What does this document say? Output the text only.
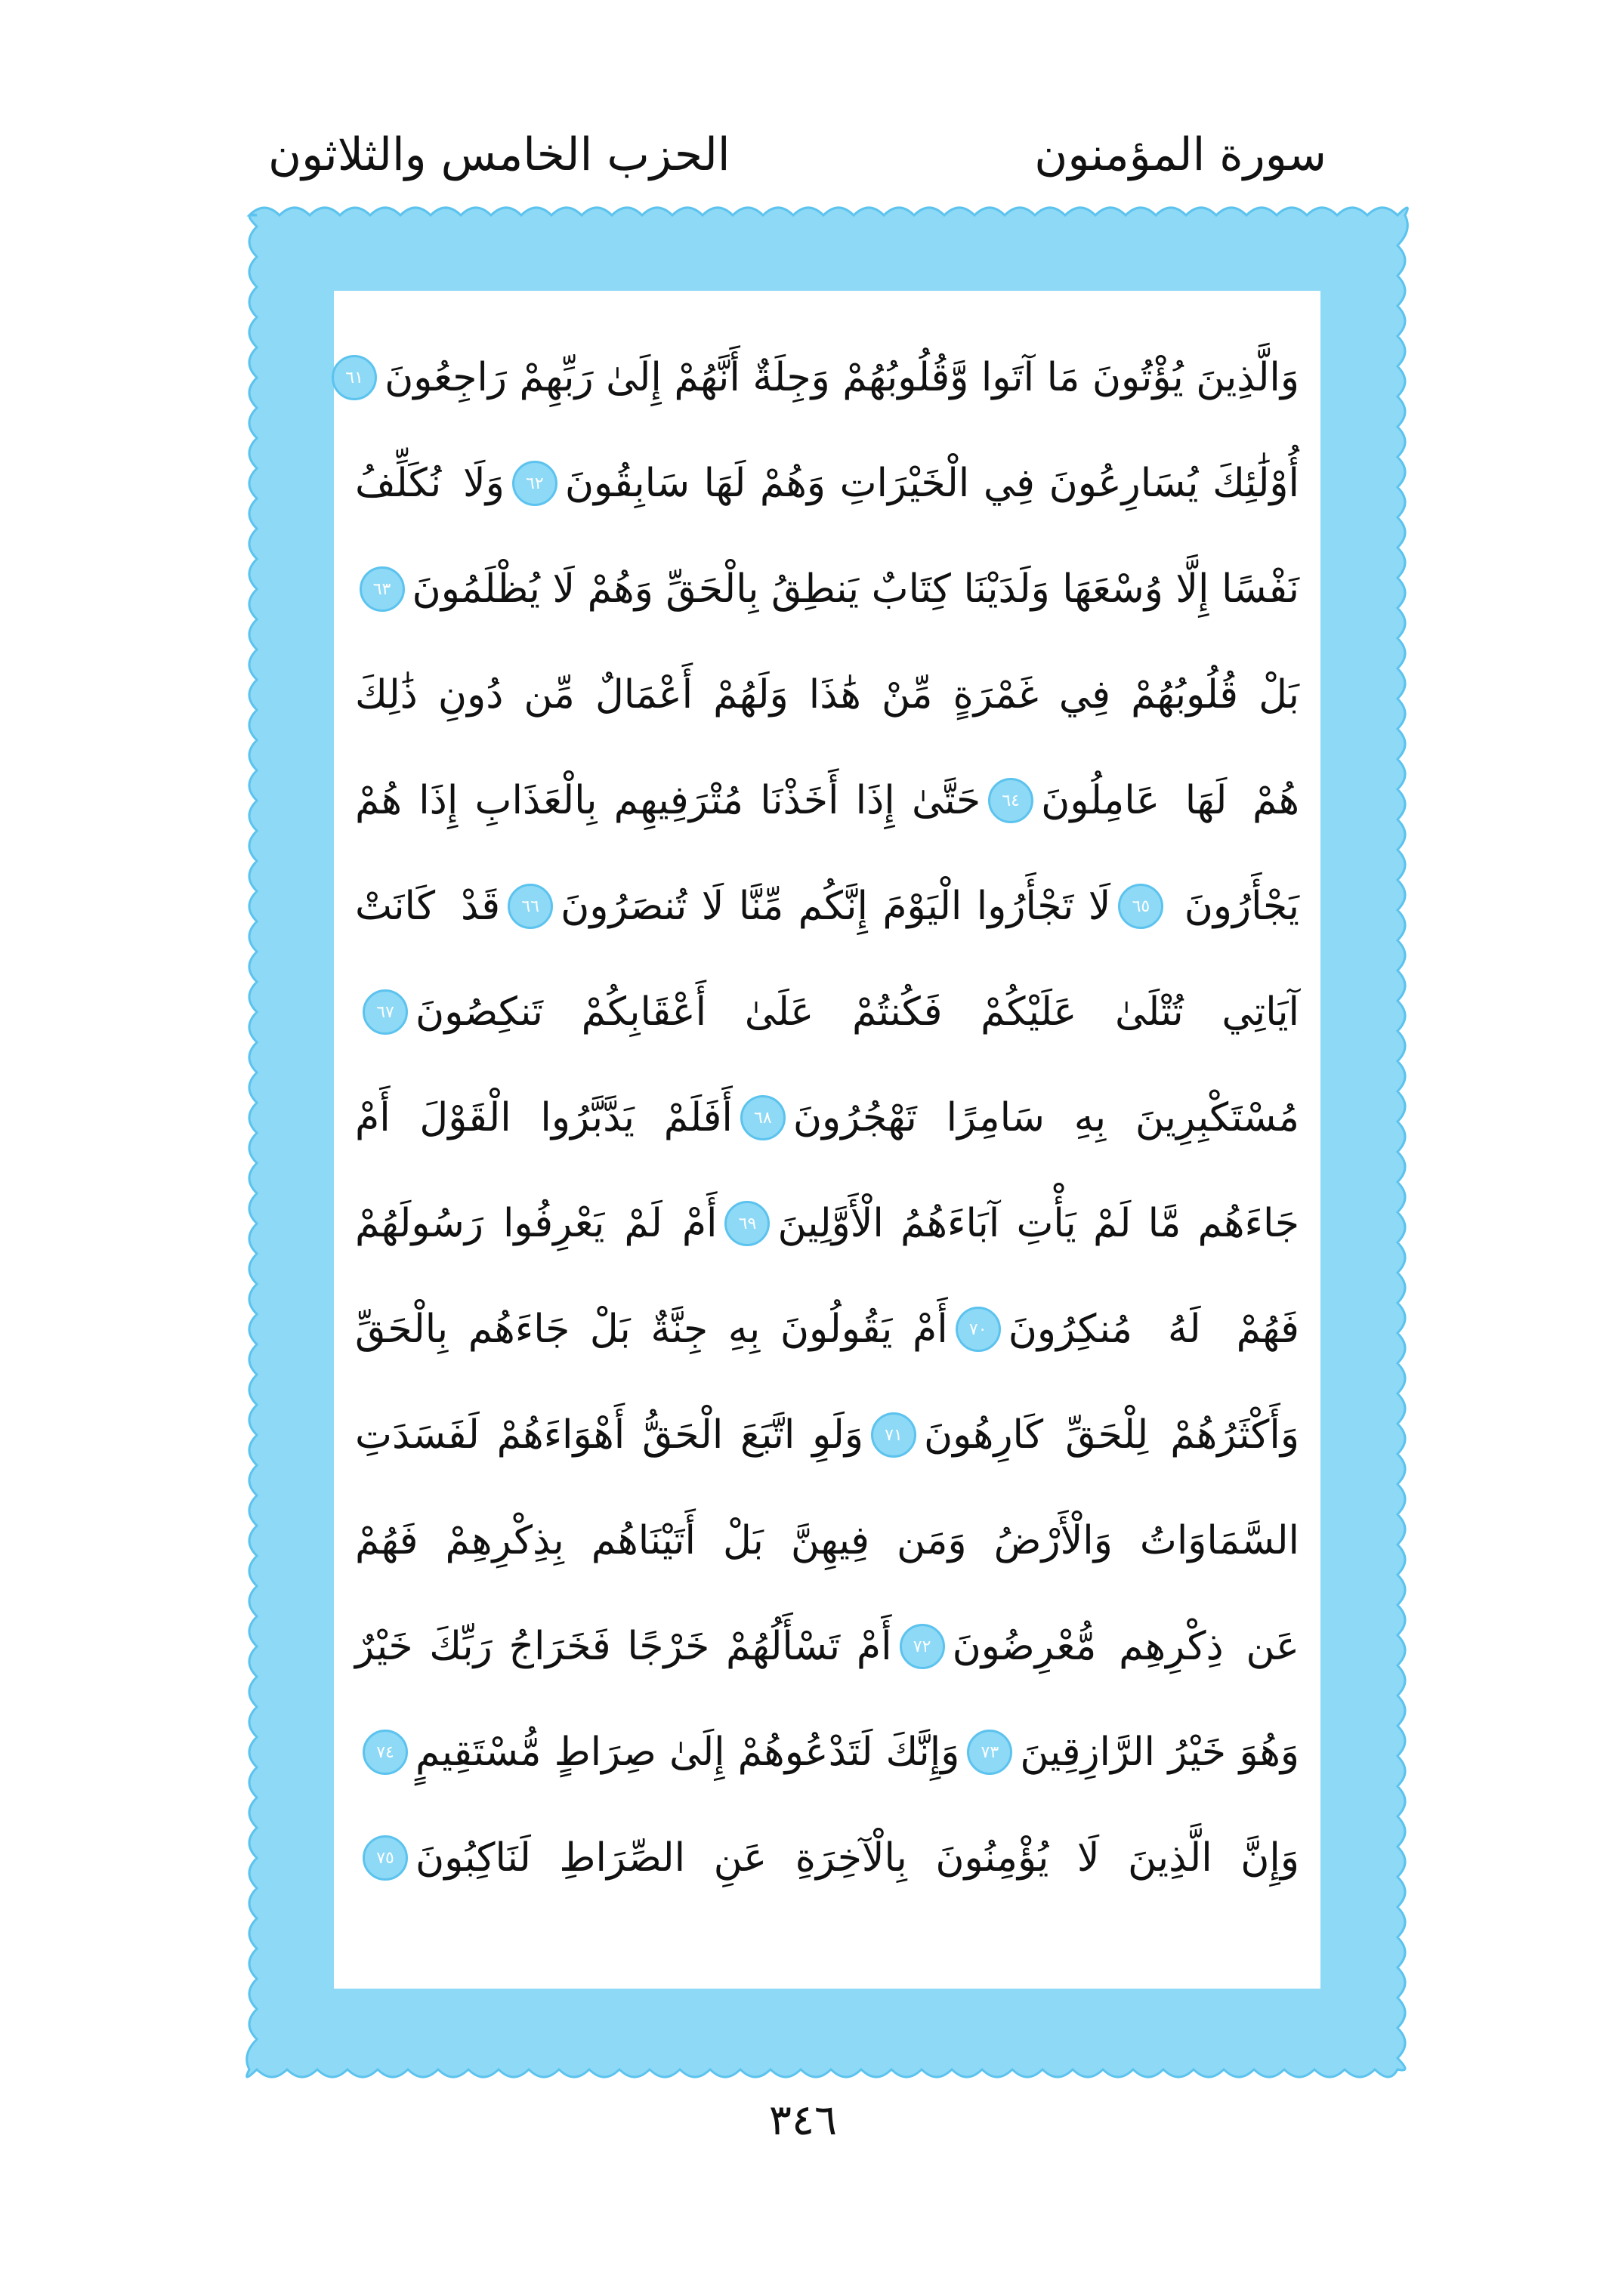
سورة المؤمنون
الحزب الخامس والثلاثون
وَالَّذِينَ يُؤْتُونَ مَا آتَوا وَّقُلُوبُهُمْ وَجِلَةٌ أَنَّهُمْ إِلَىٰ رَبِّهِمْ رَاجِعُونَ
٦١
أُوْلَٰئِكَ يُسَارِعُونَ فِي الْخَيْرَاتِ وَهُمْ لَهَا سَابِقُونَ
٦٢
وَلَا نُكَلِّفُ
نَفْسًا إِلَّا وُسْعَهَا وَلَدَيْنَا كِتَابٌ يَنطِقُ بِالْحَقِّ وَهُمْ لَا يُظْلَمُونَ
٦٣
بَلْ قُلُوبُهُمْ فِي غَمْرَةٍ مِّنْ هَٰذَا وَلَهُمْ أَعْمَالٌ مِّن دُونِ ذَٰلِكَ
هُمْ لَهَا عَامِلُونَ
٦٤
حَتَّىٰ إِذَا أَخَذْنَا مُتْرَفِيهِم بِالْعَذَابِ إِذَا هُمْ
يَجْأَرُونَ
٦٥
لَا تَجْأَرُوا الْيَوْمَ إِنَّكُم مِّنَّا لَا تُنصَرُونَ
٦٦
قَدْ كَانَتْ
آيَاتِي تُتْلَىٰ عَلَيْكُمْ فَكُنتُمْ عَلَىٰ أَعْقَابِكُمْ تَنكِصُونَ
٦٧
مُسْتَكْبِرِينَ بِهِ سَامِرًا تَهْجُرُونَ
٦٨
أَفَلَمْ يَدَّبَّرُوا الْقَوْلَ أَمْ
جَاءَهُم مَّا لَمْ يَأْتِ آبَاءَهُمُ الْأَوَّلِينَ
٦٩
أَمْ لَمْ يَعْرِفُوا رَسُولَهُمْ
فَهُمْ لَهُ مُنكِرُونَ
٧٠
أَمْ يَقُولُونَ بِهِ جِنَّةٌ بَلْ جَاءَهُم بِالْحَقِّ
وَأَكْثَرُهُمْ لِلْحَقِّ كَارِهُونَ
٧١
وَلَوِ اتَّبَعَ الْحَقُّ أَهْوَاءَهُمْ لَفَسَدَتِ
السَّمَاوَاتُ وَالْأَرْضُ وَمَن فِيهِنَّ بَلْ أَتَيْنَاهُم بِذِكْرِهِمْ فَهُمْ
عَن ذِكْرِهِم مُّعْرِضُونَ
٧٢
أَمْ تَسْأَلُهُمْ خَرْجًا فَخَرَاجُ رَبِّكَ خَيْرٌ
وَهُوَ خَيْرُ الرَّازِقِينَ
٧٣
وَإِنَّكَ لَتَدْعُوهُمْ إِلَىٰ صِرَاطٍ مُّسْتَقِيمٍ
٧٤
وَإِنَّ الَّذِينَ لَا يُؤْمِنُونَ بِالْآخِرَةِ عَنِ الصِّرَاطِ لَنَاكِبُونَ
٧٥
٣٤٦
